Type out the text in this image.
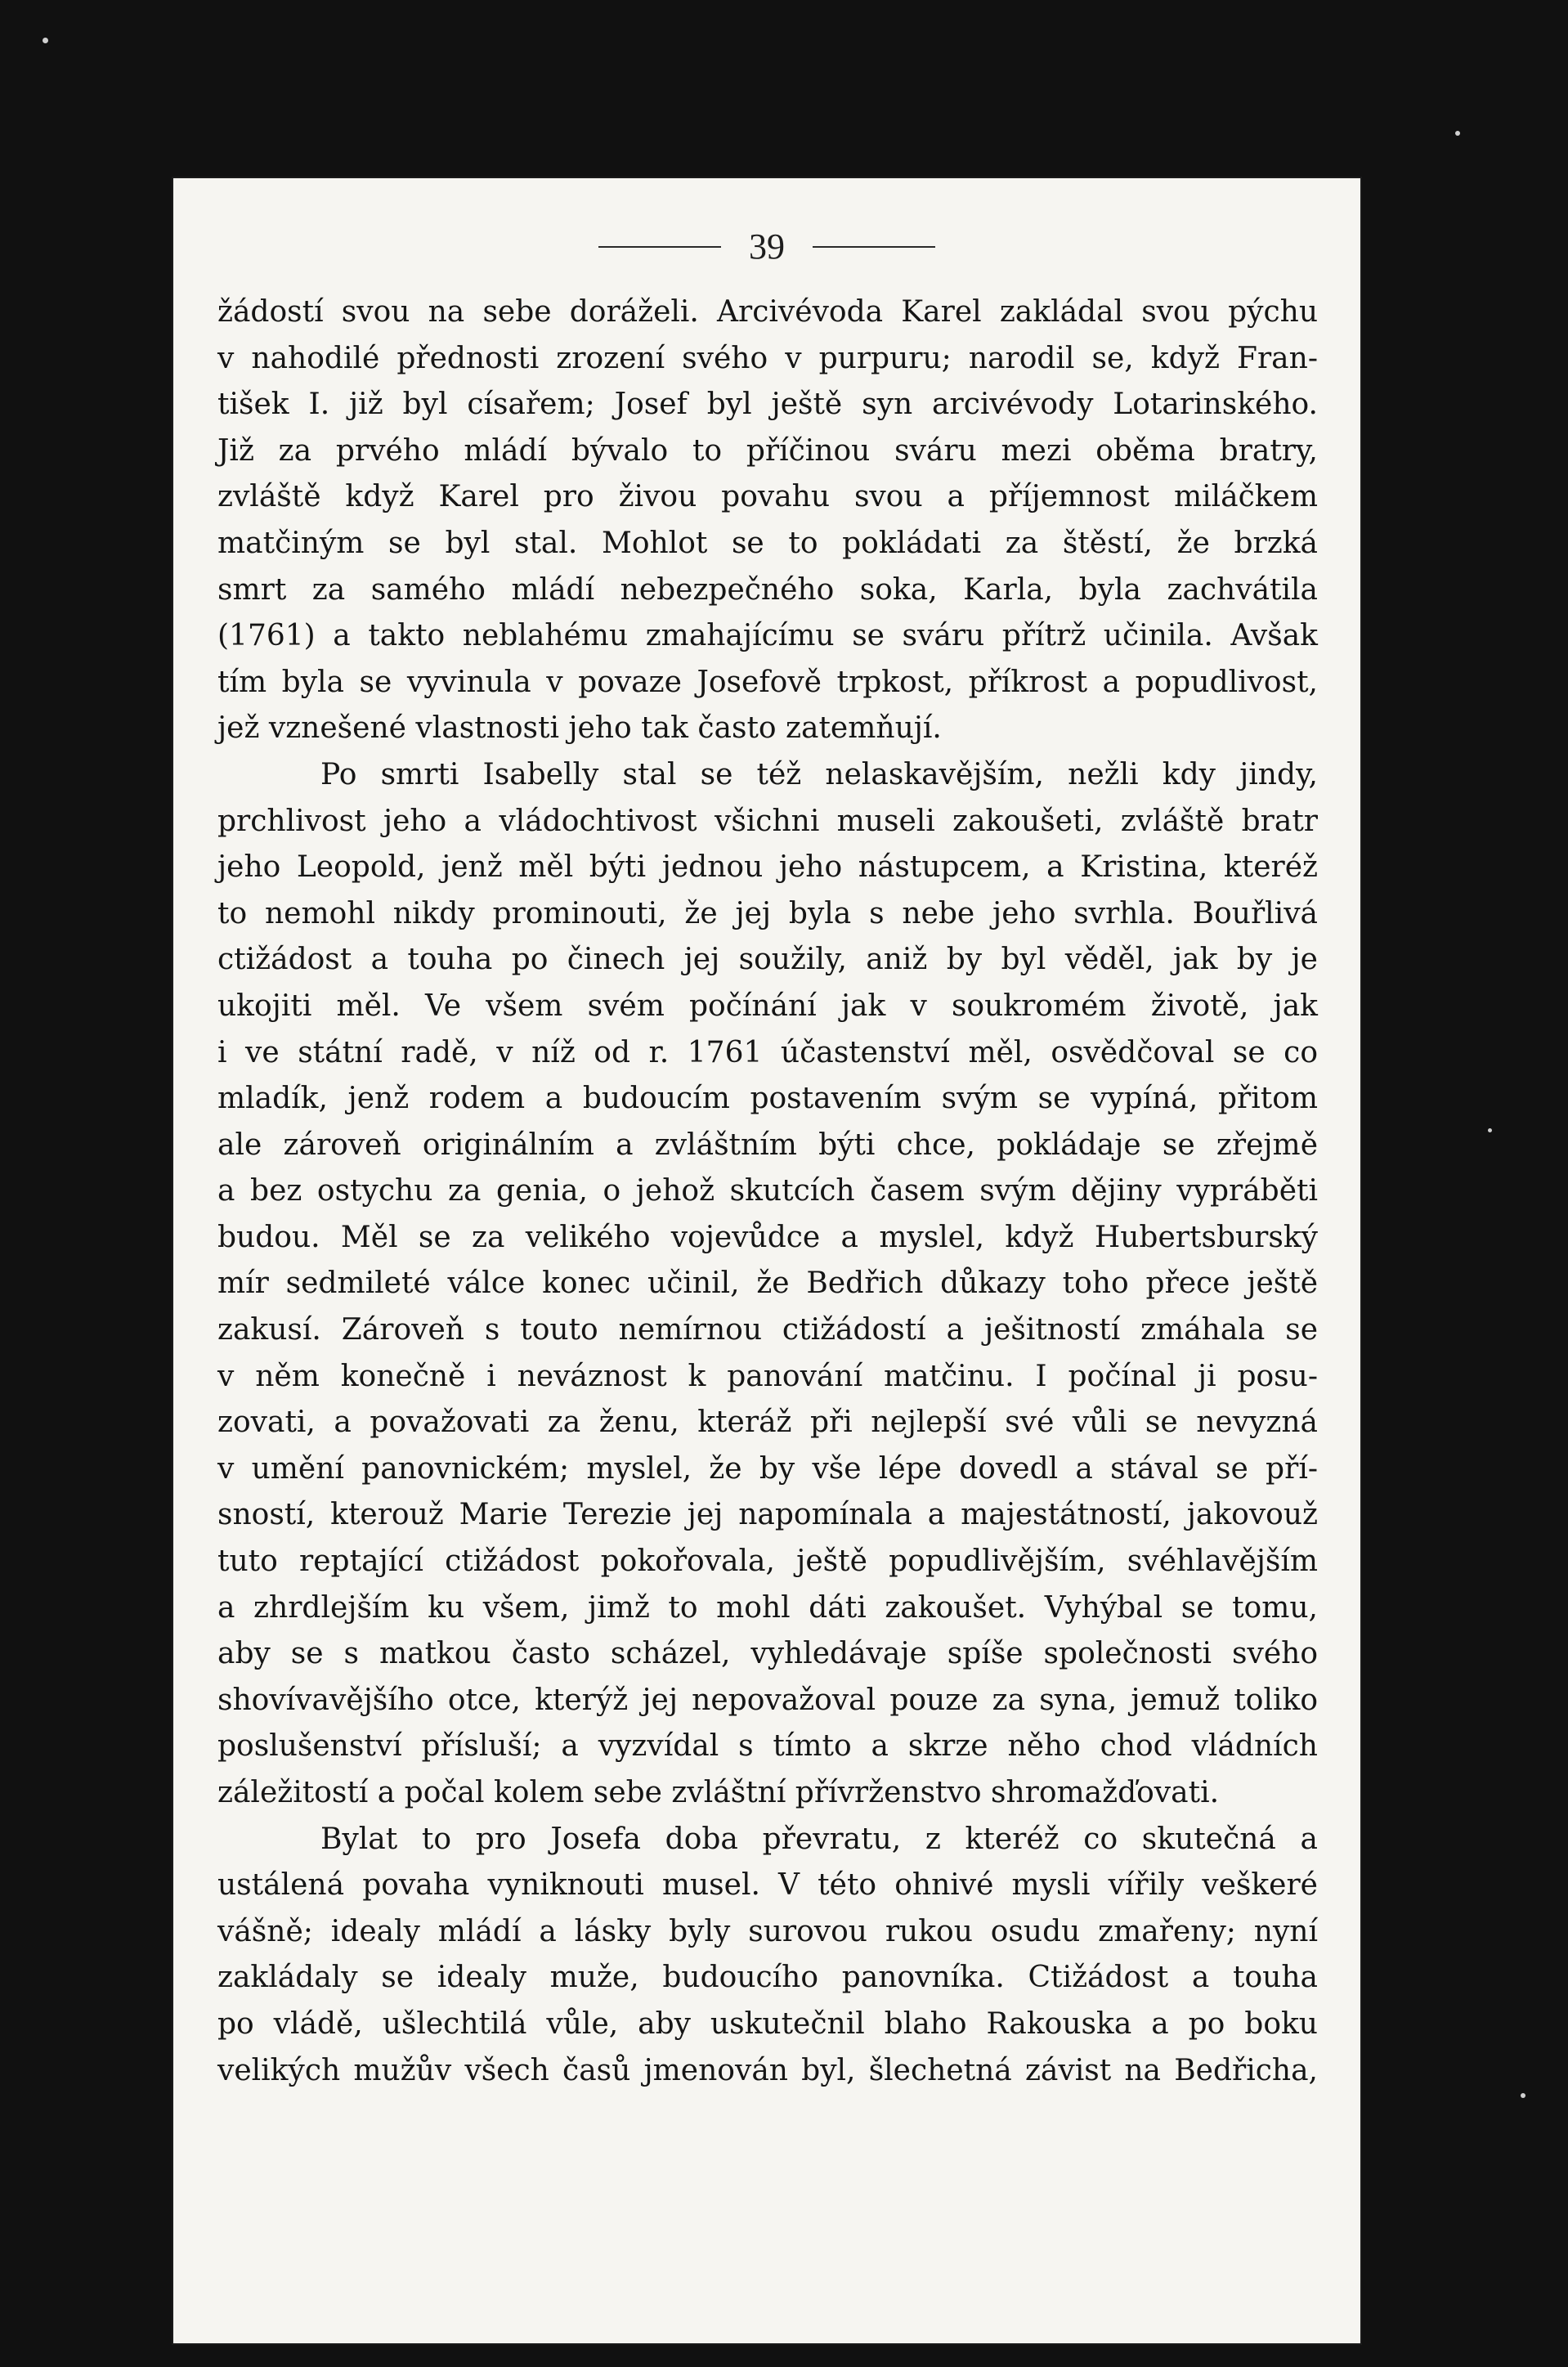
39
žádostí svou na sebe doráželi. Arcivévoda Karel zakládal svou pýchu
v nahodilé přednosti zrození svého v purpuru; narodil se, když Fran-
tišek I. již byl císařem; Josef byl ještě syn arcivévody Lotarinského.
Již za prvého mládí bývalo to příčinou sváru mezi oběma bratry,
zvláště když Karel pro živou povahu svou a příjemnost miláčkem
matčiným se byl stal. Mohlot se to pokládati za štěstí, že brzká
smrt za samého mládí nebezpečného soka, Karla, byla zachvátila
(1761) a takto neblahému zmahajícímu se sváru přítrž učinila. Avšak
tím byla se vyvinula v povaze Josefově trpkost, příkrost a popudlivost,
jež vznešené vlastnosti jeho tak často zatemňují.
Po smrti Isabelly stal se též nelaskavějším, nežli kdy jindy,
prchlivost jeho a vládochtivost všichni museli zakoušeti, zvláště bratr
jeho Leopold, jenž měl býti jednou jeho nástupcem, a Kristina, kteréž
to nemohl nikdy prominouti, že jej byla s nebe jeho svrhla. Bouřlivá
ctižádost a touha po činech jej soužily, aniž by byl věděl, jak by je
ukojiti měl. Ve všem svém počínání jak v soukromém životě, jak
i ve státní radě, v níž od r. 1761 účastenství měl, osvědčoval se co
mladík, jenž rodem a budoucím postavením svým se vypíná, přitom
ale zároveň originálním a zvláštním býti chce, pokládaje se zřejmě
a bez ostychu za genia, o jehož skutcích časem svým dějiny vypráběti
budou. Měl se za velikého vojevůdce a myslel, když Hubertsburský
mír sedmileté válce konec učinil, že Bedřich důkazy toho přece ještě
zakusí. Zároveň s touto nemírnou ctižádostí a ješitností zmáhala se
v něm konečně i neváznost k panování matčinu. I počínal ji posu-
zovati, a považovati za ženu, kteráž při nejlepší své vůli se nevyzná
v umění panovnickém; myslel, že by vše lépe dovedl a stával se pří-
sností, kterouž Marie Terezie jej napomínala a majestátností, jakovouž
tuto reptající ctižádost pokořovala, ještě popudlivějším, svéhlavějším
a zhrdlejším ku všem, jimž to mohl dáti zakoušet. Vyhýbal se tomu,
aby se s matkou často scházel, vyhledávaje spíše společnosti svého
shovívavějšího otce, kterýž jej nepovažoval pouze za syna, jemuž toliko
poslušenství přísluší; a vyzvídal s tímto a skrze něho chod vládních
záležitostí a počal kolem sebe zvláštní přívrženstvo shromažďovati.
Bylat to pro Josefa doba převratu, z kteréž co skutečná a
ustálená povaha vyniknouti musel. V této ohnivé mysli vířily veškeré
vášně; idealy mládí a lásky byly surovou rukou osudu zmařeny; nyní
zakládaly se idealy muže, budoucího panovníka. Ctižádost a touha
po vládě, ušlechtilá vůle, aby uskutečnil blaho Rakouska a po boku
velikých mužův všech časů jmenován byl, šlechetná závist na Bedřicha,
